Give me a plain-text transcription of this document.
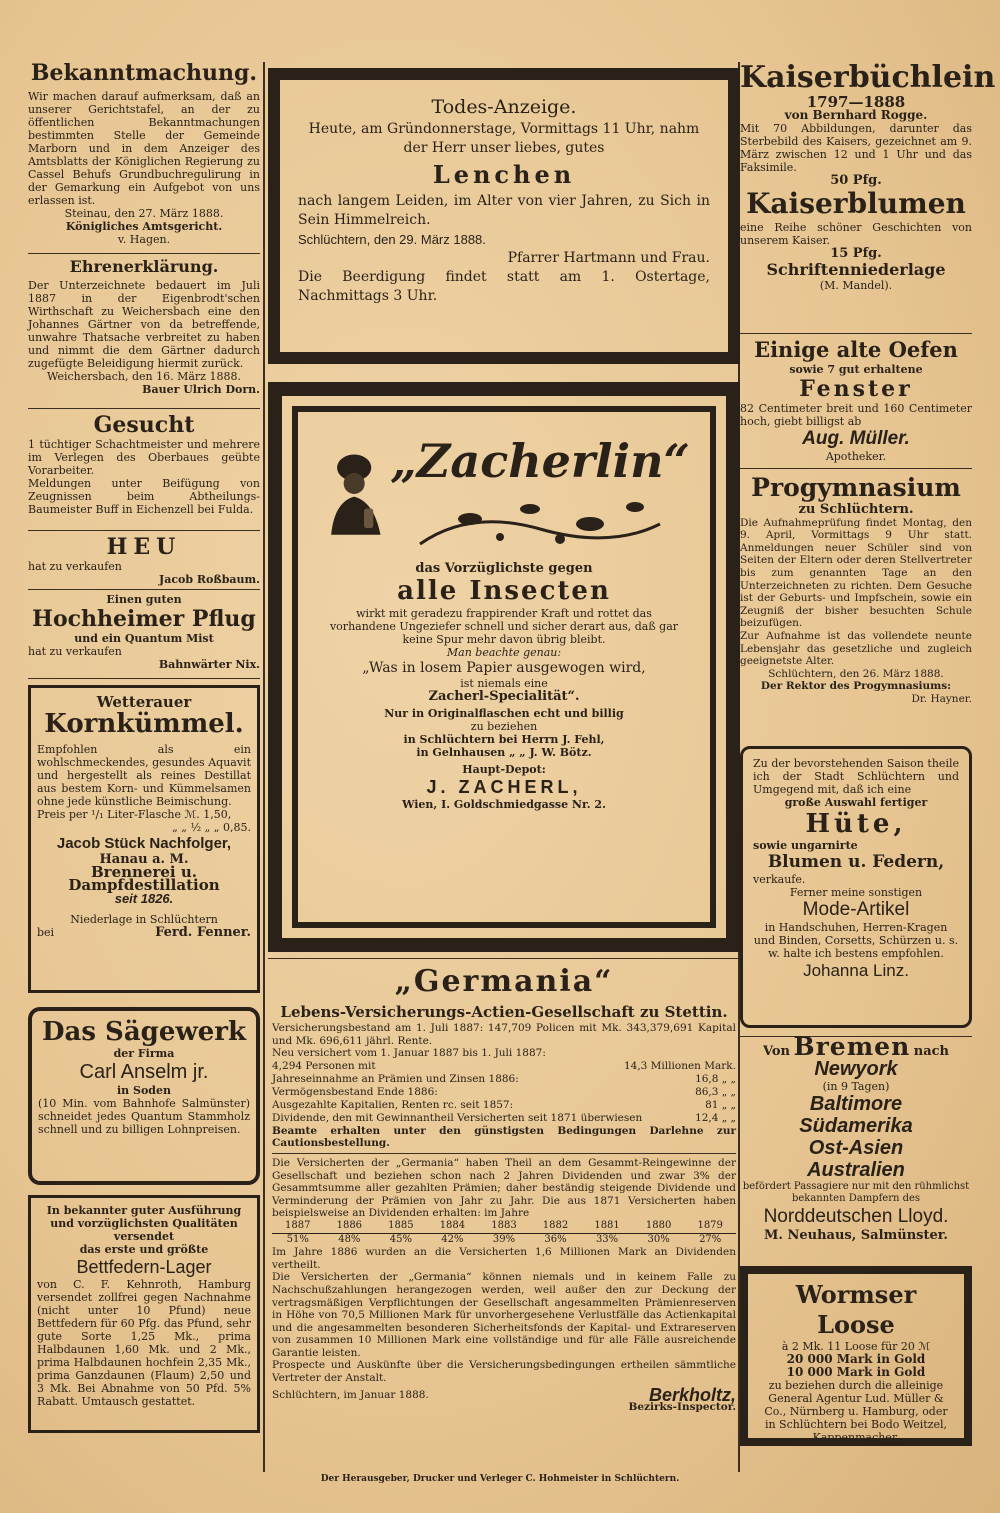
Bekanntmachung.
Wir machen darauf aufmerksam, daß an unserer Gerichtstafel, an der zu öffentlichen Bekanntmachungen bestimmten Stelle der Gemeinde Marborn und in dem Anzeiger des Amtsblatts der Königlichen Regierung zu Cassel Behufs Grundbuchregulirung in der Gemarkung ein Aufgebot von uns erlassen ist.
Steinau, den 27. März 1888.
Königliches Amtsgericht.
v. Hagen.
Ehrenerklärung.
Der Unterzeichnete bedauert im Juli 1887 in der Eigenbrodt'schen Wirthschaft zu Weichersbach eine den Johannes Gärtner von da betreffende, unwahre Thatsache verbreitet zu haben und nimmt die dem Gärtner dadurch zugefügte Beleidigung hiermit zurück.
Weichersbach, den 16. März 1888.
Bauer Ulrich Dorn.
Gesucht
1 tüchtiger Schachtmeister und mehrere im Verlegen des Oberbaues geübte Vorarbeiter.
Meldungen unter Beifügung von Zeugnissen beim Abtheilungs-Baumeister Buff in Eichenzell bei Fulda.
HEU
hat zu verkaufen
Jacob Roßbaum.
Einen guten
Hochheimer Pflug
und ein Quantum Mist
hat zu verkaufen
Bahnwärter Nix.
Wetterauer
Kornkümmel.
Empfohlen als ein wohlschmeckendes, gesundes Aquavit und hergestellt als reines Destillat aus bestem Korn- und Kümmelsamen ohne jede künstliche Beimischung.
Preis per ¹/₁ Liter-Flasche ℳ. 1,50,
„ „ ½ „ „ 0,85.
Jacob Stück Nachfolger,
Hanau a. M.
Brennerei u. Dampfdestillation
seit 1826.
Niederlage in Schlüchtern
bei	Ferd. Fenner.
Das Sägewerk
der Firma
Carl Anselm jr.
in Soden
(10 Min. vom Bahnhofe Salmünster) schneidet jedes Quantum Stammholz schnell und zu billigen Lohnpreisen.
In bekannter guter Ausführung und vorzüglichsten Qualitäten versendet
das erste und größte
Bettfedern-Lager
von C. F. Kehnroth, Hamburg versendet zollfrei gegen Nachnahme (nicht unter 10 Pfund) neue Bettfedern für 60 Pfg. das Pfund, sehr gute Sorte 1,25 Mk., prima Halbdaunen 1,60 Mk. und 2 Mk., prima Halbdaunen hochfein 2,35 Mk., prima Ganzdaunen (Flaum) 2,50 und 3 Mk. Bei Abnahme von 50 Pfd. 5% Rabatt. Umtausch gestattet.
Todes-Anzeige.
Heute, am Gründonnerstage, Vormittags 11 Uhr, nahm der Herr unser liebes, gutes
Lenchen
nach langem Leiden, im Alter von vier Jahren, zu Sich in Sein Himmelreich.
Schlüchtern, den 29. März 1888.
Pfarrer Hartmann und Frau.
Die Beerdigung findet statt am 1. Ostertage, Nachmittags 3 Uhr.
„Zacherlin“
das Vorzüglichste gegen
alle Insecten
wirkt mit geradezu frappirender Kraft und rottet das vorhandene Ungeziefer schnell und sicher derart aus, daß gar keine Spur mehr davon übrig bleibt.
Man beachte genau:
„Was in losem Papier ausgewogen wird,
ist niemals eine
Zacherl-Specialität“.
Nur in Originalflaschen echt und billig
zu beziehen
in Schlüchtern bei Herrn J. Fehl,
in Gelnhausen „ „ J. W. Bötz.
Haupt-Depot:
J. ZACHERL,
Wien, I. Goldschmiedgasse Nr. 2.
„Germania“
Lebens-Versicherungs-Actien-Gesellschaft zu Stettin.
Versicherungsbestand am 1. Juli 1887: 147,709 Policen mit Mk. 343,379,691 Kapital und Mk. 696,611 jährl. Rente.
Neu versichert vom 1. Januar 1887 bis 1. Juli 1887:
4,294 Personen mit	14,3 Millionen Mark.
Jahreseinnahme an Prämien und Zinsen 1886:	16,8 „ „
Vermögensbestand Ende 1886:	86,3 „ „
Ausgezahlte Kapitalien, Renten rc. seit 1857:	81 „ „
Dividende, den mit Gewinnantheil Versicherten seit 1871 überwiesen	12,4 „ „
Beamte erhalten unter den günstigsten Bedingungen Darlehne zur Cautionsbestellung.
Die Versicherten der „Germania“ haben Theil an dem Gesammt-Reingewinne der Gesellschaft und beziehen schon nach 2 Jahren Dividenden und zwar 3% der Gesammtsumme aller gezahlten Prämien; daher beständig steigende Dividende und Verminderung der Prämien von Jahr zu Jahr. Die aus 1871 Versicherten haben beispielsweise an Dividenden erhalten: im Jahre
1887	1886	1885	1884	1883	1882	1881	1880	1879
51%	48%	45%	42%	39%	36%	33%	30%	27%
Im Jahre 1886 wurden an die Versicherten 1,6 Millionen Mark an Dividenden vertheilt.
Die Versicherten der „Germania“ können niemals und in keinem Falle zu Nachschußzahlungen herangezogen werden, weil außer den zur Deckung der vertragsmäßigen Verpflichtungen der Gesellschaft angesammelten Prämienreserven in Höhe von 70,5 Millionen Mark für unvorhergesehene Verlustfälle das Actienkapital und die angesammelten besonderen Sicherheitsfonds der Kapital- und Extrareserven von zusammen 10 Millionen Mark eine vollständige und für alle Fälle ausreichende Garantie leisten.
Prospecte und Auskünfte über die Versicherungsbedingungen ertheilen sämmtliche Vertreter der Anstalt.
Schlüchtern, im Januar 1888.	Berkholtz,
Bezirks-Inspector.
Kaiserbüchlein
1797—1888
von Bernhard Rogge.
Mit 70 Abbildungen, darunter das Sterbebild des Kaisers, gezeichnet am 9. März zwischen 12 und 1 Uhr und das Faksimile.
50 Pfg.
Kaiserblumen
eine Reihe schöner Geschichten von unserem Kaiser.
15 Pfg.
Schriftenniederlage
(M. Mandel).
Einige alte Oefen
sowie 7 gut erhaltene
Fenster
82 Centimeter breit und 160 Centimeter hoch, giebt billigst ab
Aug. Müller.
Apotheker.
Progymnasium
zu Schlüchtern.
Die Aufnahmeprüfung findet Montag, den 9. April, Vormittags 9 Uhr statt. Anmeldungen neuer Schüler sind von Seiten der Eltern oder deren Stellvertreter bis zum genannten Tage an den Unterzeichneten zu richten. Dem Gesuche ist der Geburts- und Impfschein, sowie ein Zeugniß der bisher besuchten Schule beizufügen.
Zur Aufnahme ist das vollendete neunte Lebensjahr das gesetzliche und zugleich geeignetste Alter.
Schlüchtern, den 26. März 1888.
Der Rektor des Progymnasiums:
Dr. Hayner.
Zu der bevorstehenden Saison theile ich der Stadt Schlüchtern und Umgegend mit, daß ich eine
große Auswahl fertiger
Hüte,
sowie ungarnirte
Blumen u. Federn,
verkaufe.
Ferner meine sonstigen
Mode-Artikel
in Handschuhen, Herren-Kragen und Binden, Corsetts, Schürzen u. s. w. halte ich bestens empfohlen.
Johanna Linz.
Von Bremen nach
Newyork
(in 9 Tagen)
Baltimore
Südamerika
Ost-Asien
Australien
befördert Passagiere nur mit den rühmlichst bekannten Dampfern des
Norddeutschen Lloyd.
M. Neuhaus, Salmünster.
Wormser Loose
à 2 Mk. 11 Loose für 20 ℳ
20 000 Mark in Gold
10 000 Mark in Gold
zu beziehen durch die alleinige General Agentur Lud. Müller & Co., Nürnberg u. Hamburg, oder in Schlüchtern bei Bodo Weitzel, Kappenmacher.
Der Herausgeber, Drucker und Verleger C. Hohmeister in Schlüchtern.
